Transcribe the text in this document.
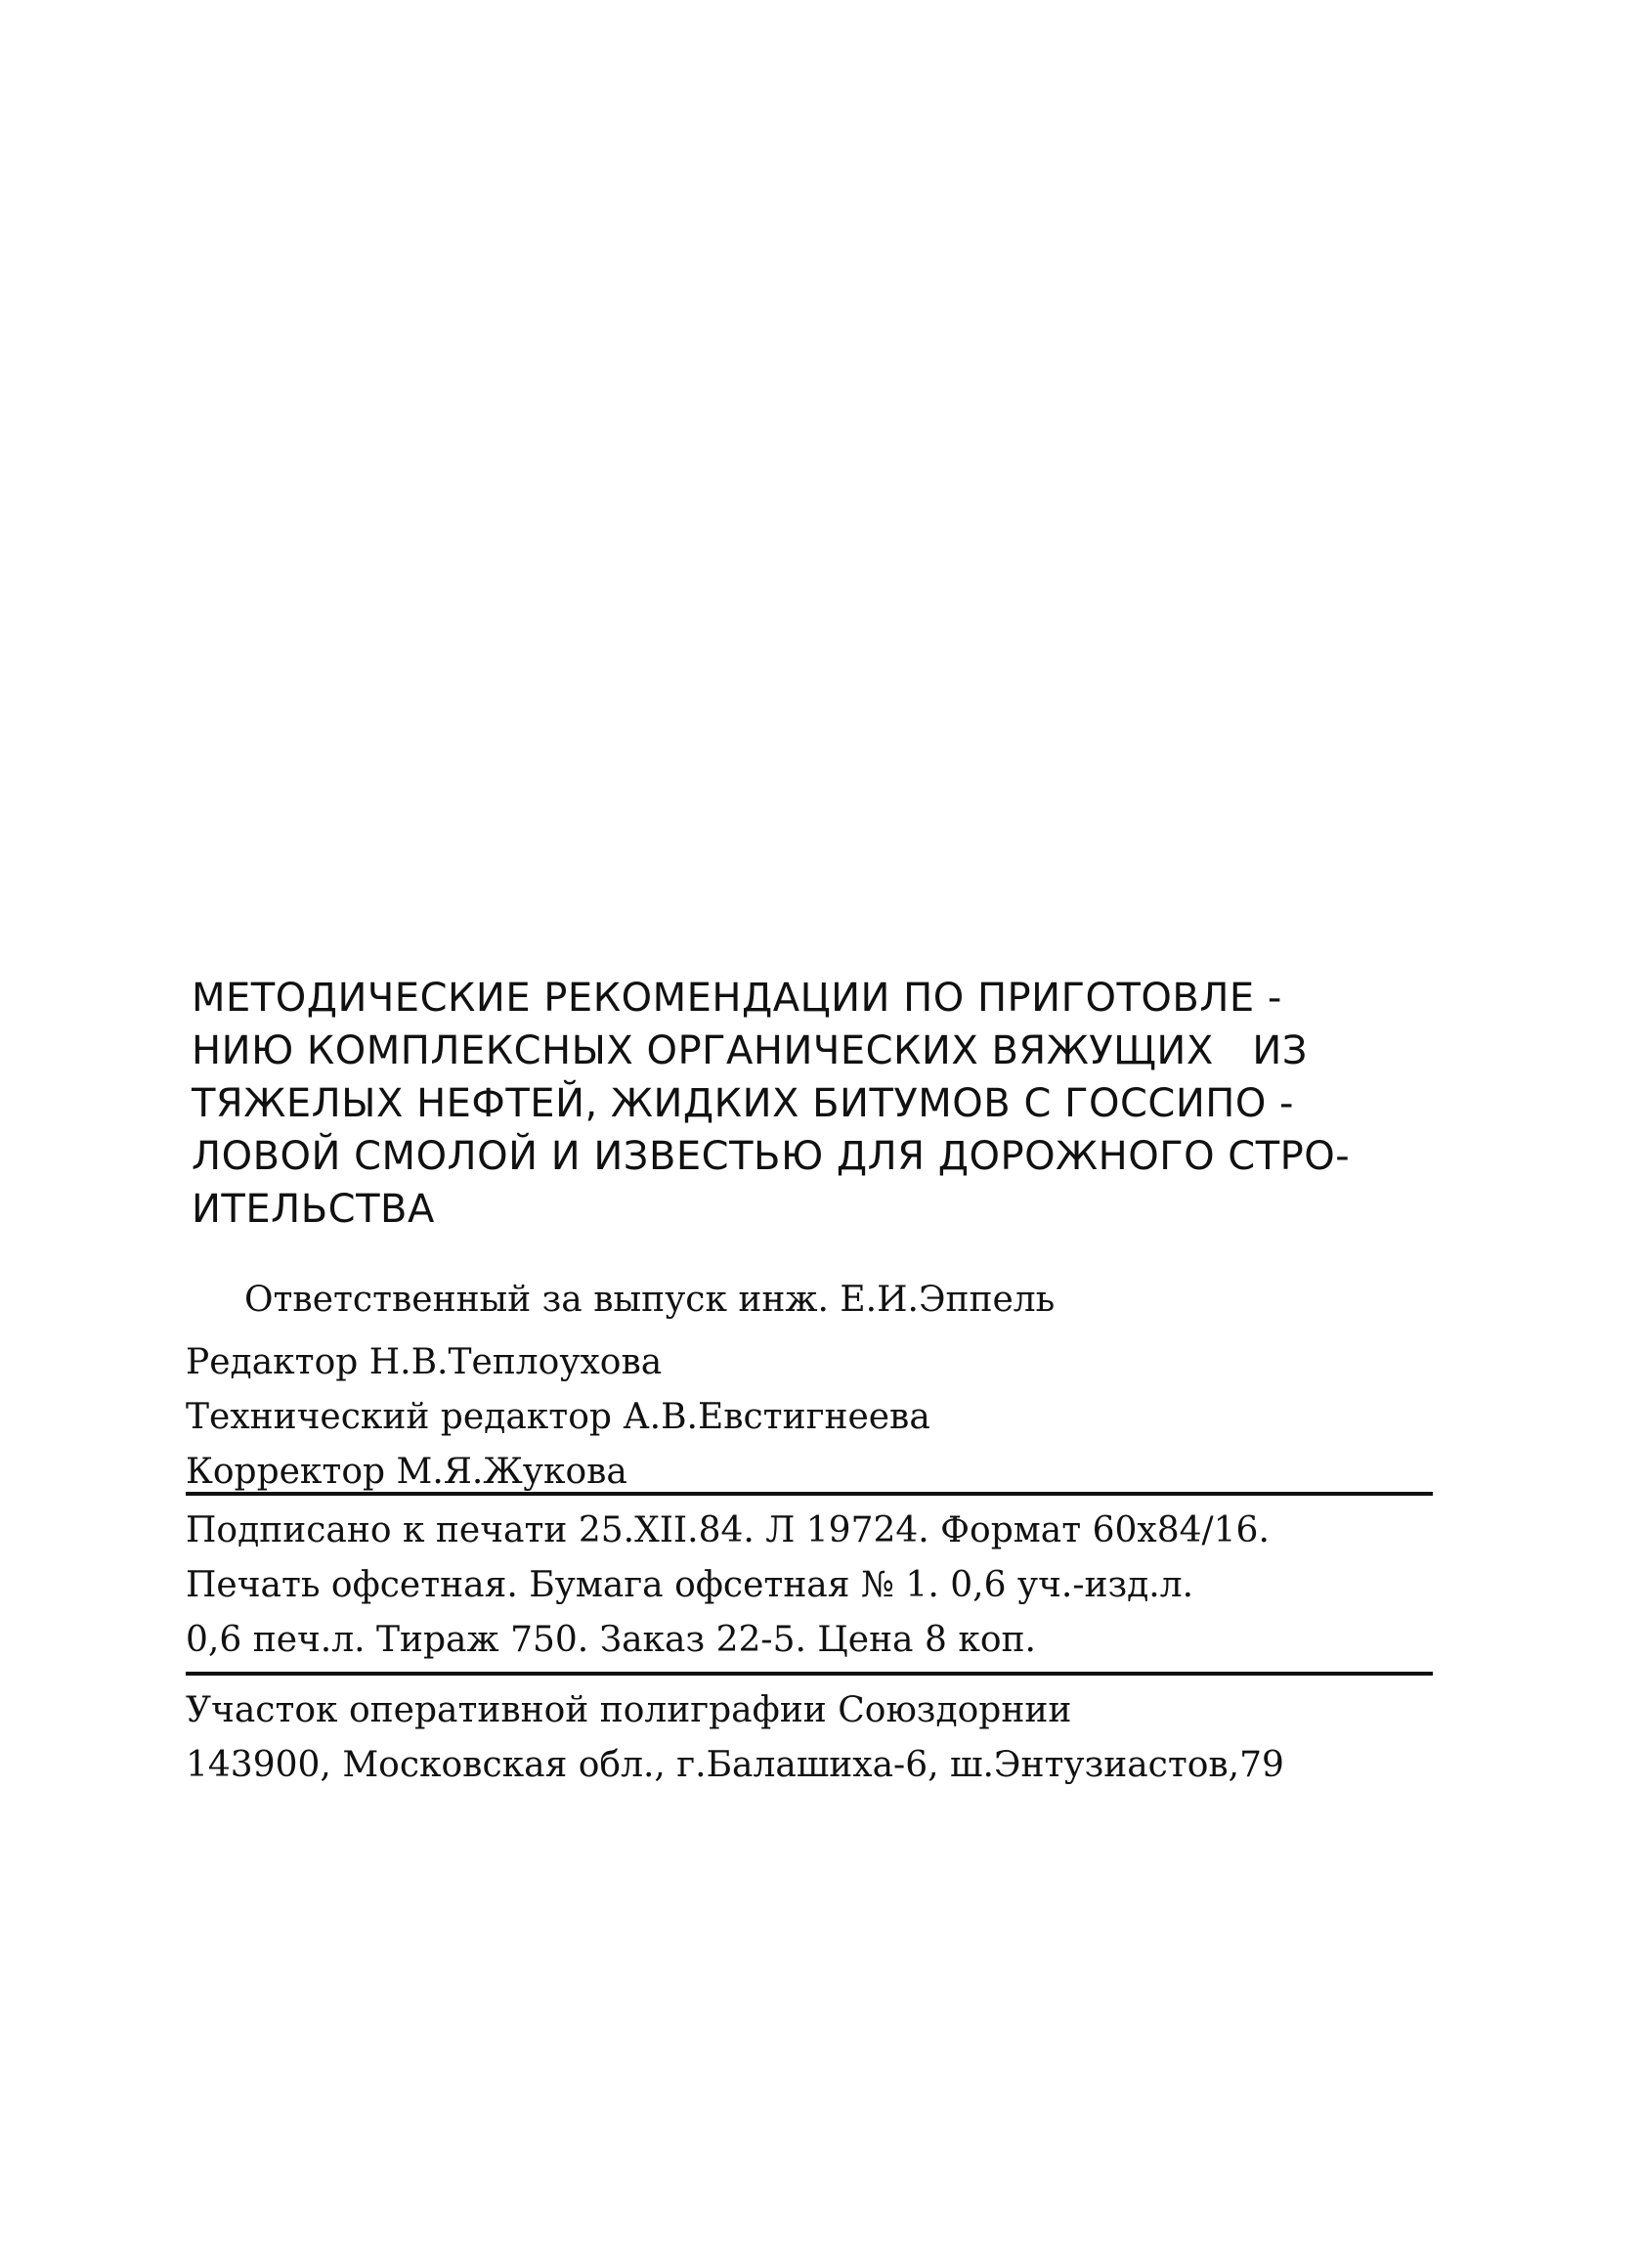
МЕТОДИЧЕСКИЕ РЕКОМЕНДАЦИИ ПО ПРИГОТОВЛЕ -
НИЮ КОМПЛЕКСНЫХ ОРГАНИЧЕСКИХ ВЯЖУЩИХ   ИЗ
ТЯЖЕЛЫХ НЕФТЕЙ, ЖИДКИХ БИТУМОВ С ГОССИПО -
ЛОВОЙ СМОЛОЙ И ИЗВЕСТЬЮ ДЛЯ ДОРОЖНОГО СТРО-
ИТЕЛЬСТВА
Ответственный за выпуск инж. Е.И.Эппель
Редактор Н.В.Теплоухова
Технический редактор А.В.Евстигнеева
Корректор М.Я.Жукова
Подписано к печати 25.XII.84. Л 19724. Формат 60х84/16.
Печать офсетная. Бумага офсетная № 1. 0,6 уч.-изд.л.
0,6 печ.л. Тираж 750. Заказ 22-5. Цена 8 коп.
Участок оперативной полиграфии Союздорнии
143900, Московская обл., г.Балашиха-6, ш.Энтузиастов,79
